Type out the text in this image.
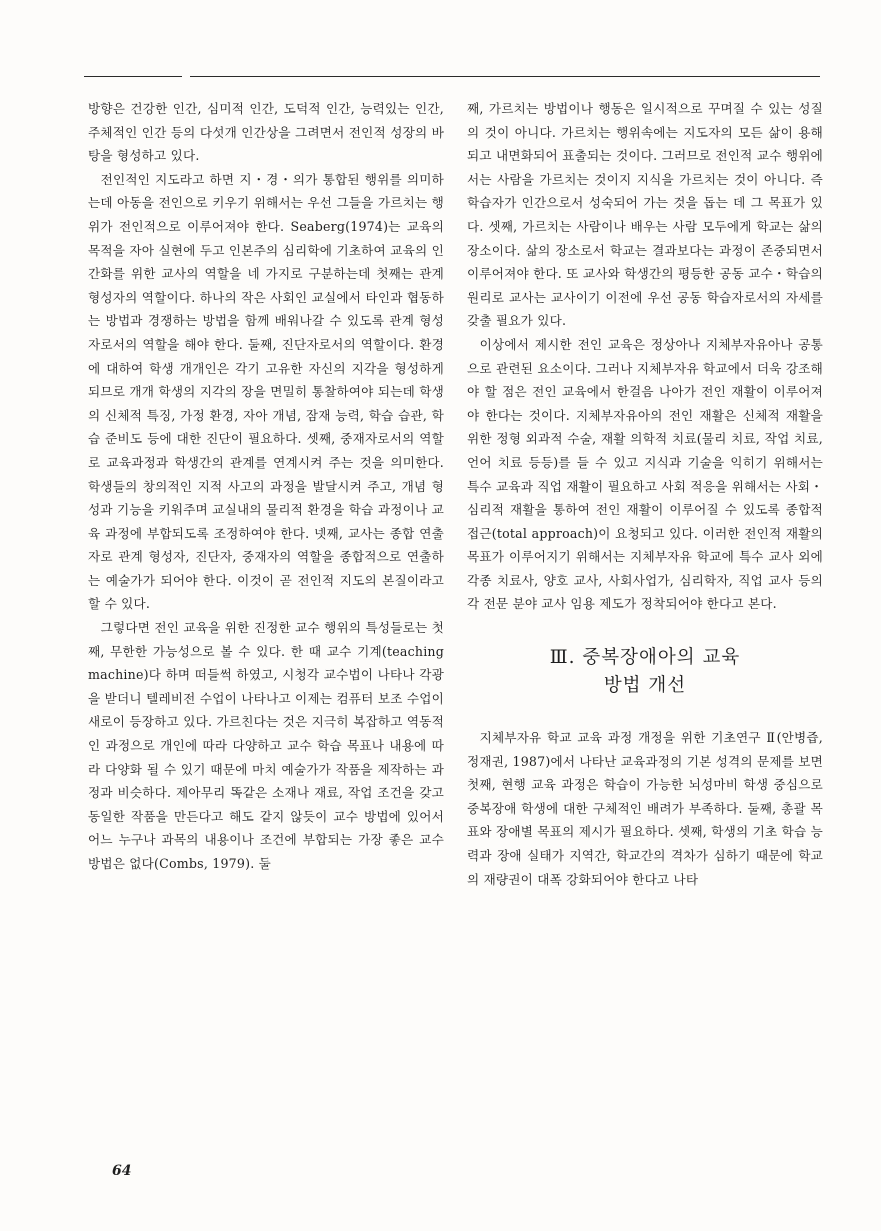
방향은 건강한 인간, 심미적 인간, 도덕적 인간, 능력있는 인간, 주체적인 인간 등의 다섯개 인간상을 그려면서 전인적 성장의 바탕을 형성하고 있다.

전인적인 지도라고 하면 지・경・의가 통합된 행위를 의미하는데 아동을 전인으로 키우기 위해서는 우선 그들을 가르치는 행위가 전인적으로 이루어져야 한다. Seaberg(1974)는 교육의 목적을 자아 실현에 두고 인본주의 심리학에 기초하여 교육의 인간화를 위한 교사의 역할을 네 가지로 구분하는데 첫째는 관계 형성자의 역할이다. 하나의 작은 사회인 교실에서 타인과 협동하는 방법과 경쟁하는 방법을 함께 배워나갈 수 있도록 관계 형성자로서의 역할을 해야 한다. 둘째, 진단자로서의 역할이다. 환경에 대하여 학생 개개인은 각기 고유한 자신의 지각을 형성하게 되므로 개개 학생의 지각의 장을 면밀히 통찰하여야 되는데 학생의 신체적 특징, 가정 환경, 자아 개념, 잠재 능력, 학습 습관, 학습 준비도 등에 대한 진단이 필요하다. 셋째, 중재자로서의 역할로 교육과정과 학생간의 관계를 연계시켜 주는 것을 의미한다. 학생들의 창의적인 지적 사고의 과정을 발달시켜 주고, 개념 형성과 기능을 키워주며 교실내의 물리적 환경을 학습 과정이나 교육 과정에 부합되도록 조정하여야 한다. 넷째, 교사는 종합 연출자로 관계 형성자, 진단자, 중재자의 역할을 종합적으로 연출하는 예술가가 되어야 한다. 이것이 곧 전인적 지도의 본질이라고 할 수 있다.

그렇다면 전인 교육을 위한 진정한 교수 행위의 특성들로는 첫째, 무한한 가능성으로 볼 수 있다. 한 때 교수 기계(teaching machine)다 하며 떠들썩 하였고, 시청각 교수법이 나타나 각광을 받더니 텔레비전 수업이 나타나고 이제는 컴퓨터 보조 수업이 새로이 등장하고 있다. 가르친다는 것은 지극히 복잡하고 역동적인 과정으로 개인에 따라 다양하고 교수 학습 목표나 내용에 따라 다양화 될 수 있기 때문에 마치 예술가가 작품을 제작하는 과정과 비슷하다. 제아무리 똑같은 소재나 재료, 작업 조건을 갖고 동일한 작품을 만든다고 해도 같지 않듯이 교수 방법에 있어서 어느 누구나 과목의 내용이나 조건에 부합되는 가장 좋은 교수 방법은 없다(Combs, 1979). 둘

째, 가르치는 방법이나 행동은 일시적으로 꾸며질 수 있는 성질의 것이 아니다. 가르치는 행위속에는 지도자의 모든 삶이 용해되고 내면화되어 표출되는 것이다. 그러므로 전인적 교수 행위에서는 사람을 가르치는 것이지 지식을 가르치는 것이 아니다. 즉 학습자가 인간으로서 성숙되어 가는 것을 돕는 데 그 목표가 있다. 셋째, 가르치는 사람이나 배우는 사람 모두에게 학교는 삶의 장소이다. 삶의 장소로서 학교는 결과보다는 과정이 존중되면서 이루어져야 한다. 또 교사와 학생간의 평등한 공동 교수・학습의 원리로 교사는 교사이기 이전에 우선 공동 학습자로서의 자세를 갖출 필요가 있다.

이상에서 제시한 전인 교육은 정상아나 지체부자유아나 공통으로 관련된 요소이다. 그러나 지체부자유 학교에서 더욱 강조해야 할 점은 전인 교육에서 한걸음 나아가 전인 재활이 이루어져야 한다는 것이다. 지체부자유아의 전인 재활은 신체적 재활을 위한 정형 외과적 수술, 재활 의학적 치료(물리 치료, 작업 치료, 언어 치료 등등)를 들 수 있고 지식과 기술을 익히기 위해서는 특수 교육과 직업 재활이 필요하고 사회 적응을 위해서는 사회・심리적 재활을 통하여 전인 재활이 이루어질 수 있도록 종합적 접근(total approach)이 요청되고 있다. 이러한 전인적 재활의 목표가 이루어지기 위해서는 지체부자유 학교에 특수 교사 외에 각종 치료사, 양호 교사, 사회사업가, 심리학자, 직업 교사 등의 각 전문 분야 교사 임용 제도가 정착되어야 한다고 본다.

Ⅲ. 중복장애아의 교육
방법 개선

지체부자유 학교 교육 과정 개정을 위한 기초연구 Ⅱ(안병즙, 정재권, 1987)에서 나타난 교육과정의 기본 성격의 문제를 보면 첫째, 현행 교육 과정은 학습이 가능한 뇌성마비 학생 중심으로 중복장애 학생에 대한 구체적인 배려가 부족하다. 둘째, 총괄 목표와 장애별 목표의 제시가 필요하다. 셋째, 학생의 기초 학습 능력과 장애 실태가 지역간, 학교간의 격차가 심하기 때문에 학교의 재량권이 대폭 강화되어야 한다고 나타

64
